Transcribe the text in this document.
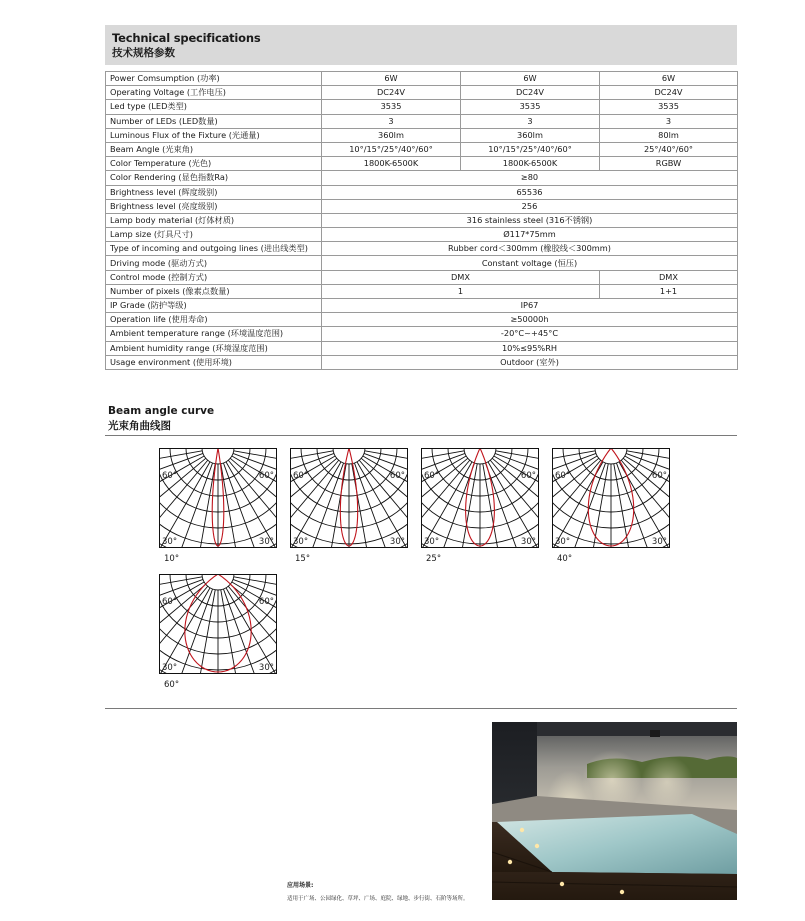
Technical specifications
技术规格参数
Power Comsumption (功率)	6W	6W	6W
Operating Voltage (工作电压)	DC24V	DC24V	DC24V
Led type (LED类型)	3535	3535	3535
Number of LEDs (LED数量)	3	3	3
Luminous Flux of the Fixture (光通量)	360lm	360lm	80lm
Beam Angle (光束角)	10°/15°/25°/40°/60°	10°/15°/25°/40°/60°	25°/40°/60°
Color Temperature (光色)	1800K-6500K	1800K-6500K	RGBW
Color Rendering (显色指数Ra)	≥80		
Brightness level (辉度级别)	65536		
Brightness level (亮度级别)	256		
Lamp body material (灯体材质)	316 stainless steel (316不锈钢)		
Lamp size (灯具尺寸)	Ø117*75mm		
Type of incoming and outgoing lines (进出线类型)	Rubber cord＜300mm (橡胶线＜300mm)		
Driving mode (驱动方式)	Constant voltage (恒压)		
Control mode (控制方式)	DMX		DMX
Number of pixels (像素点数量)	1		1+1
IP Grade (防护等级)	IP67		
Operation life (使用寿命)	≥50000h		
Ambient temperature range (环境温度范围)	-20°C~+45°C		
Ambient humidity range (环境湿度范围)	10%≤95%RH		
Usage environment (使用环境)	Outdoor (室外)		
Beam angle curve
光束角曲线图
60°	60°
30°	30°
10°
60°	60°
30°	30°
15°
60°	60°
30°	30°
25°
60°	60°
30°	30°
40°
60°	60°
30°	30°
60°
应用场景:
适用于广场、公园绿化、草坪、广场、庭院、绿地、步行街、石阶等场所。
